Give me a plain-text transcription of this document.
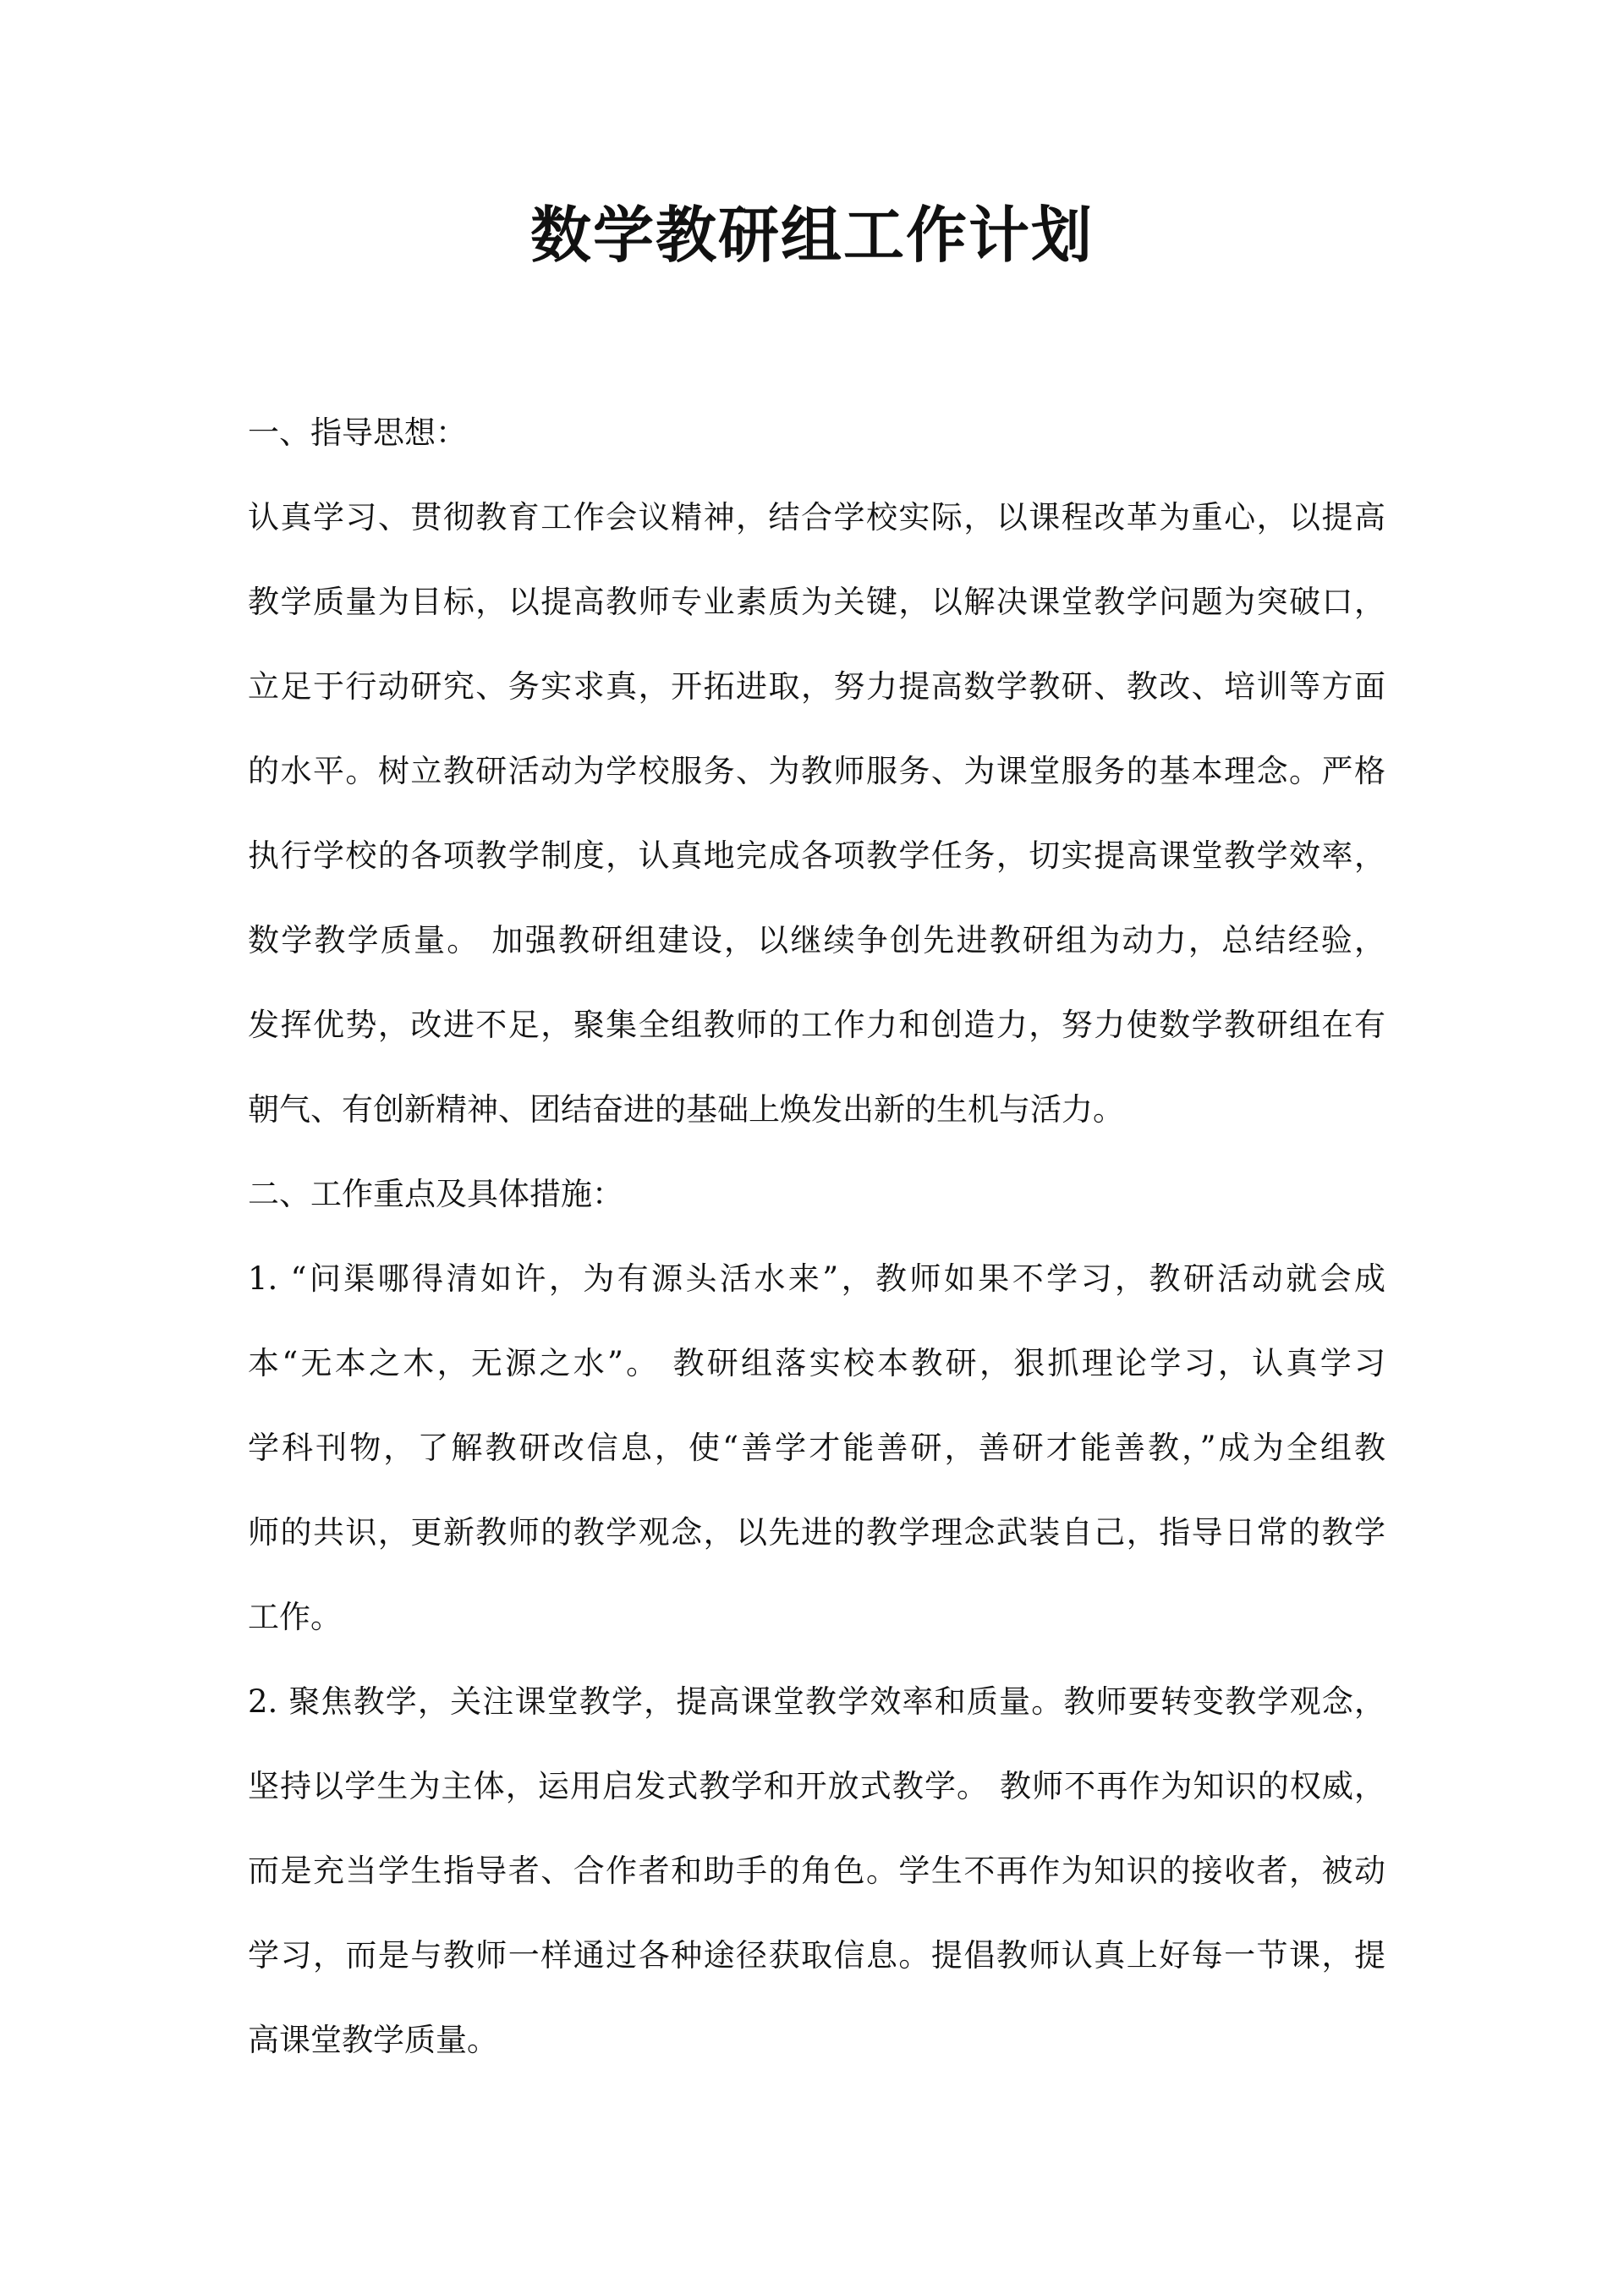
数学教研组工作计划

一、指导思想：

认真学习、贯彻教育工作会议精神，结合学校实际，以课程改革为重心，以提高

教学质量为目标，以提高教师专业素质为关键，以解决课堂教学问题为突破口，

立足于行动研究、务实求真，开拓进取，努力提高数学教研、教改、培训等方面

的水平。树立教研活动为学校服务、为教师服务、为课堂服务的基本理念。严格

执行学校的各项教学制度，认真地完成各项教学任务，切实提高课堂教学效率，

数学教学质量。 加强教研组建设，以继续争创先进教研组为动力，总结经验，

发挥优势，改进不足，聚集全组教师的工作力和创造力，努力使数学教研组在有

朝气、有创新精神、团结奋进的基础上焕发出新的生机与活力。

二、工作重点及具体措施：

1. “问渠哪得清如许，为有源头活水来”，教师如果不学习，教研活动就会成

本“无本之木，无源之水”。 教研组落实校本教研，狠抓理论学习，认真学习

学科刊物，了解教研改信息，使“善学才能善研，善研才能善教，”成为全组教

师的共识，更新教师的教学观念，以先进的教学理念武装自己，指导日常的教学

工作。

2. 聚焦教学，关注课堂教学，提高课堂教学效率和质量。教师要转变教学观念，

坚持以学生为主体，运用启发式教学和开放式教学。 教师不再作为知识的权威，

而是充当学生指导者、合作者和助手的角色。学生不再作为知识的接收者，被动

学习，而是与教师一样通过各种途径获取信息。提倡教师认真上好每一节课，提

高课堂教学质量。
